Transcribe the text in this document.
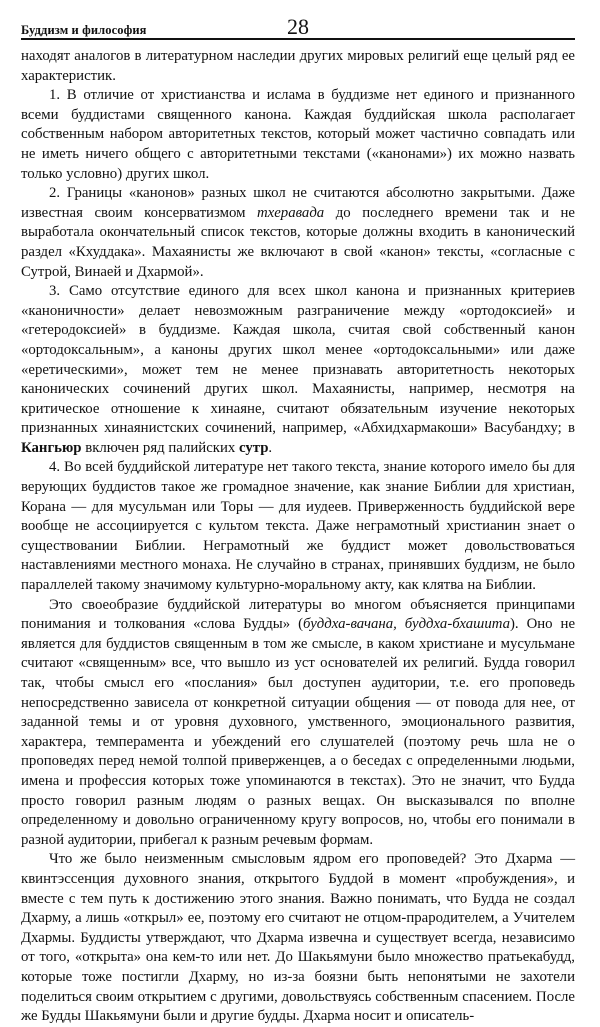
Буддизм и философия	28

находят аналогов в литературном наследии других мировых религий еще целый ряд ее характеристик.

1. В отличие от христианства и ислама в буддизме нет единого и признанного всеми буддистами священного канона. Каждая буддийская школа располагает собственным набором авторитетных текстов, который может частично совпадать или не иметь ничего общего с авторитетными текстами («канонами») их можно назвать только условно) других школ.

2. Границы «канонов» разных школ не считаются абсолютно закрытыми. Даже известная своим консерватизмом тхеравада до последнего времени так и не выработала окончательный список текстов, которые должны входить в канонический раздел «Кхуддака». Махаянисты же включают в свой «канон» тексты, «согласные с Сутрой, Винаей и Дхармой».

3. Само отсутствие единого для всех школ канона и признанных критериев «каноничности» делает невозможным разграничение между «ортодоксией» и «гетеродоксией» в буддизме. Каждая школа, считая свой собственный канон «ортодоксальным», а каноны других школ менее «ортодоксальными» или даже «еретическими», может тем не менее признавать авторитетность некоторых канонических сочинений других школ. Махаянисты, например, несмотря на критическое отношение к хинаяне, считают обязательным изучение некоторых признанных хинаянистских сочинений, например, «Абхидхармакоши» Васубандху; в Кангьюр включен ряд палийских сутр.

4. Во всей буддийской литературе нет такого текста, знание которого имело бы для верующих буддистов такое же громадное значение, как знание Библии для христиан, Корана — для мусульман или Торы — для иудеев. Приверженность буддийской вере вообще не ассоциируется с культом текста. Даже неграмотный христианин знает о существовании Библии. Неграмотный же буддист может довольствоваться наставлениями местного монаха. Не случайно в странах, принявших буддизм, не было параллелей такому значимому культурно-моральному акту, как клятва на Библии.

Это своеобразие буддийской литературы во многом объясняется принципами понимания и толкования «слова Будды» (буддха-вачана, буддха-бхашита). Оно не является для буддистов священным в том же смысле, в каком христиане и мусульмане считают «священным» все, что вышло из уст основателей их религий. Будда говорил так, чтобы смысл его «послания» был доступен аудитории, т.е. его проповедь непосредственно зависела от конкретной ситуации общения — от повода для нее, от заданной темы и от уровня духовного, умственного, эмоционального развития, характера, темперамента и убеждений его слушателей (поэтому речь шла не о проповедях перед немой толпой приверженцев, а о беседах с определенными людьми, имена и профессия которых тоже упоминаются в текстах). Это не значит, что Будда просто говорил разным людям о разных вещах. Он высказывался по вполне определенному и довольно ограниченному кругу вопросов, но, чтобы его понимали в разной аудитории, прибегал к разным речевым формам.

Что же было неизменным смысловым ядром его проповедей? Это Дхарма — квинтэссенция духовного знания, открытого Буддой в момент «пробуждения», и вместе с тем путь к достижению этого знания. Важно понимать, что Будда не создал Дхарму, а лишь «открыл» ее, поэтому его считают не отцом-прародителем, а Учителем Дхармы. Буддисты утверждают, что Дхарма извечна и существует всегда, независимо от того, «открыта» она кем-то или нет. До Шакьямуни было множество пратьекабудд, которые тоже постигли Дхарму, но из-за боязни быть непонятыми не захотели поделиться своим открытием с другими, довольствуясь собственным спасением. После же Будды Шакьямуни были и другие будды. Дхарма носит и описатель-
